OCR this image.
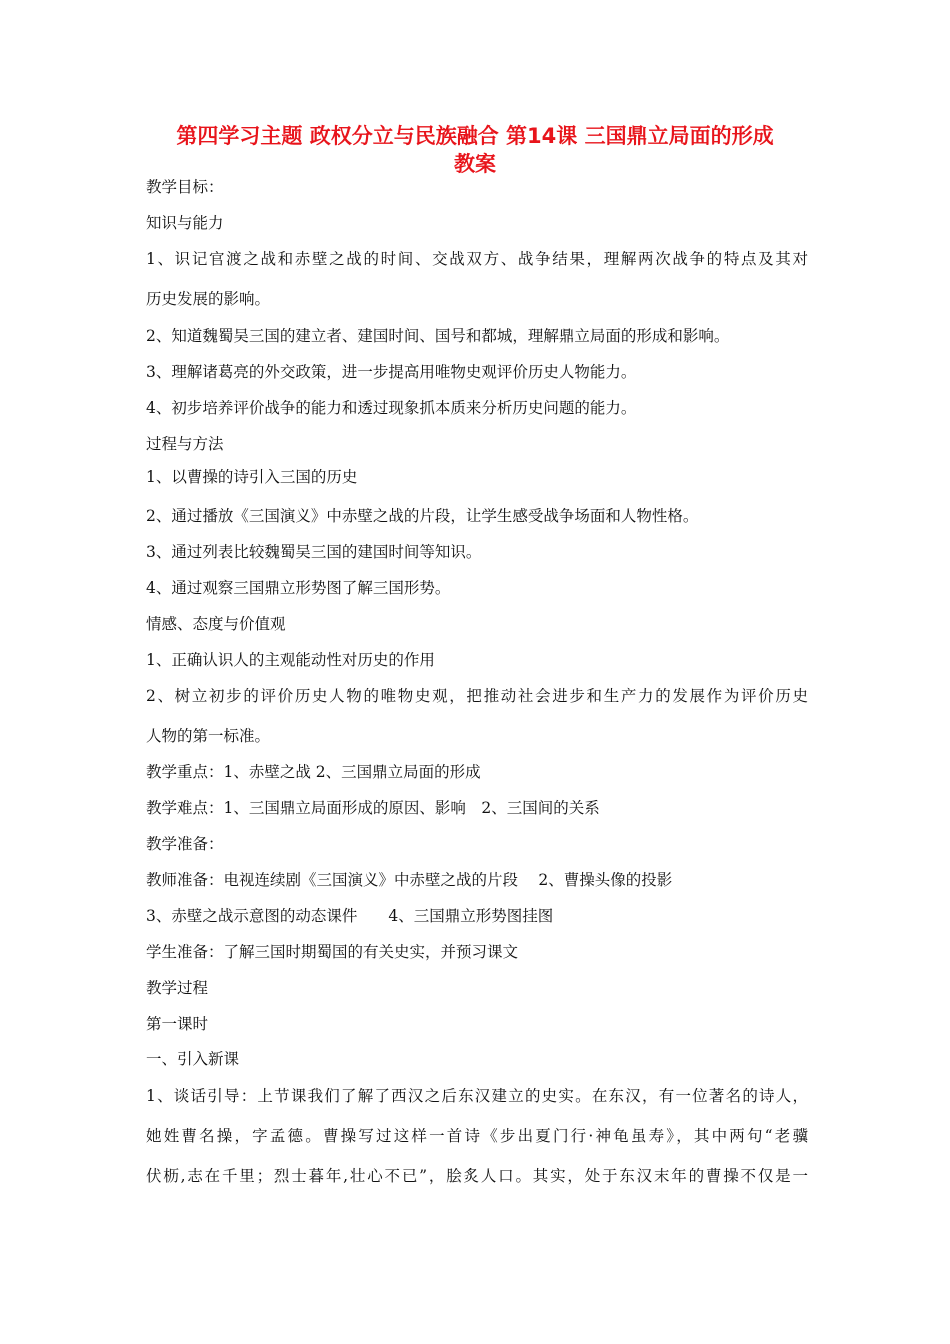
第四学习主题 政权分立与民族融合 第14课 三国鼎立局面的形成
教案
教学目标：
知识与能力
1、识记官渡之战和赤壁之战的时间、交战双方、战争结果，理解两次战争的特点及其对
历史发展的影响。
2、知道魏蜀吴三国的建立者、建国时间、国号和都城，理解鼎立局面的形成和影响。
3、理解诸葛亮的外交政策，进一步提高用唯物史观评价历史人物能力。
4、初步培养评价战争的能力和透过现象抓本质来分析历史问题的能力。
过程与方法
1、以曹操的诗引入三国的历史
2、通过播放《三国演义》中赤壁之战的片段，让学生感受战争场面和人物性格。
3、通过列表比较魏蜀吴三国的建国时间等知识。
4、通过观察三国鼎立形势图了解三国形势。
情感、态度与价值观
1、正确认识人的主观能动性对历史的作用
2、树立初步的评价历史人物的唯物史观，把推动社会进步和生产力的发展作为评价历史
人物的第一标准。
教学重点：1、赤壁之战 2、三国鼎立局面的形成
教学难点：1、三国鼎立局面形成的原因、影响　2、三国间的关系
教学准备：
教师准备：电视连续剧《三国演义》中赤壁之战的片段　 2、曹操头像的投影
3、赤壁之战示意图的动态课件　　4、三国鼎立形势图挂图
学生准备：了解三国时期蜀国的有关史实，并预习课文
教学过程
第一课时
一、引入新课
1、谈话引导：上节课我们了解了西汉之后东汉建立的史实。在东汉，有一位著名的诗人，
她姓曹名操，字孟德。曹操写过这样一首诗《步出夏门行·神龟虽寿》，其中两句“老骥
伏枥,志在千里；烈士暮年,壮心不已”，脍炙人口。其实，处于东汉末年的曹操不仅是一
